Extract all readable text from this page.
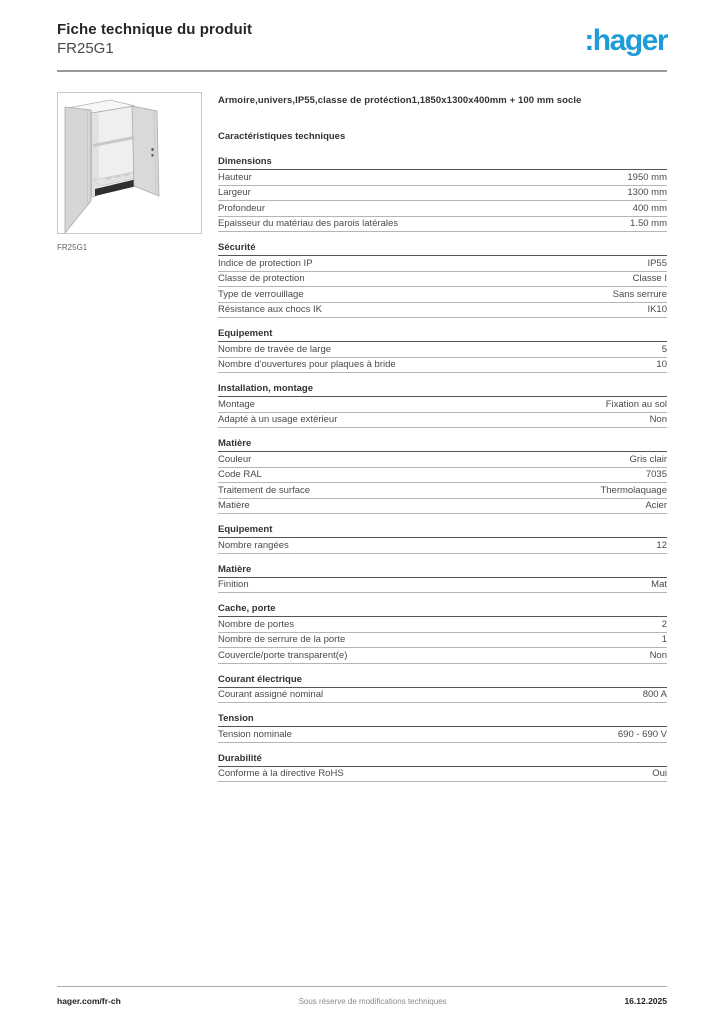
Fiche technique du produit
FR25G1	:hager
FR25G1
Armoire,univers,IP55,classe de protéction1,1850x1300x400mm + 100 mm socle
Caractéristiques techniques
Dimensions
Hauteur	1950 mm
Largeur	1300 mm
Profondeur	400 mm
Epaisseur du matériau des parois latérales	1.50 mm
Sécurité
Indice de protection IP	IP55
Classe de protection	Classe I
Type de verrouillage	Sans serrure
Résistance aux chocs IK	IK10
Equipement
Nombre de travée de large	5
Nombre d'ouvertures pour plaques à bride	10
Installation, montage
Montage	Fixation au sol
Adapté à un usage extérieur	Non
Matière
Couleur	Gris clair
Code RAL	7035
Traitement de surface	Thermolaquage
Matière	Acier
Equipement
Nombre rangées	12
Matière
Finition	Mat
Cache, porte
Nombre de portes	2
Nombre de serrure de la porte	1
Couvercle/porte transparent(e)	Non
Courant électrique
Courant assigné nominal	800 A
Tension
Tension nominale	690 - 690 V
Durabilité
Conforme à la directive RoHS	Oui
hager.com/fr-ch	Sous réserve de modifications techniques	16.12.2025
